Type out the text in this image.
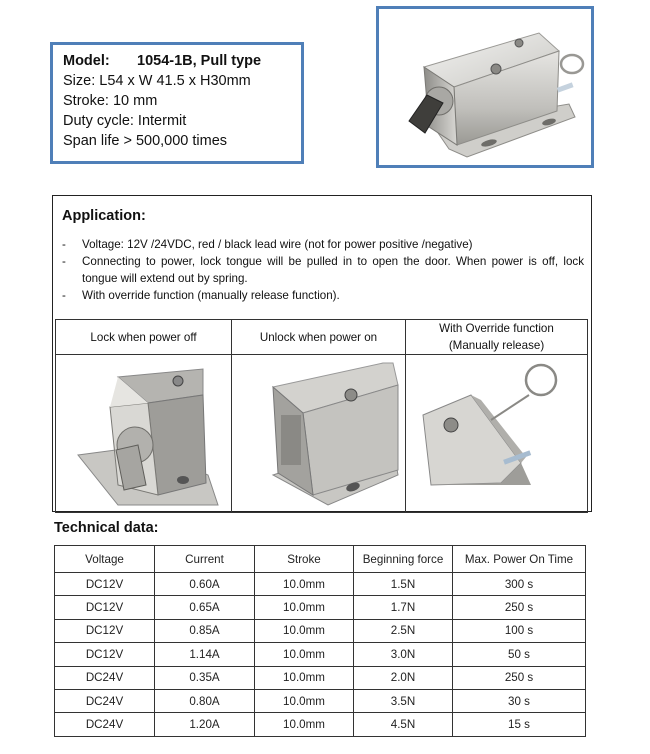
Model: 1054-1B, Pull type
Size: L54 x W 41.5 x H30mm
Stroke: 10 mm
Duty cycle: Intermit
Span life > 500,000 times
Application:
- Voltage: 12V /24VDC, red / black lead wire (not for power positive /negative)
- Connecting to power, lock tongue will be pulled in to open the door. When power is off, lock tongue will extend out by spring.
- With override function (manually release function).
Lock when power off	Unlock when power on	With Override function
(Manually release)

Technical data:
Voltage	Current	Stroke	Beginning force	Max. Power On Time
DC12V	0.60A	10.0mm	1.5N	300 s
DC12V	0.65A	10.0mm	1.7N	250 s
DC12V	0.85A	10.0mm	2.5N	100 s
DC12V	1.14A	10.0mm	3.0N	50 s
DC24V	0.35A	10.0mm	2.0N	250 s
DC24V	0.80A	10.0mm	3.5N	30 s
DC24V	1.20A	10.0mm	4.5N	15 s
